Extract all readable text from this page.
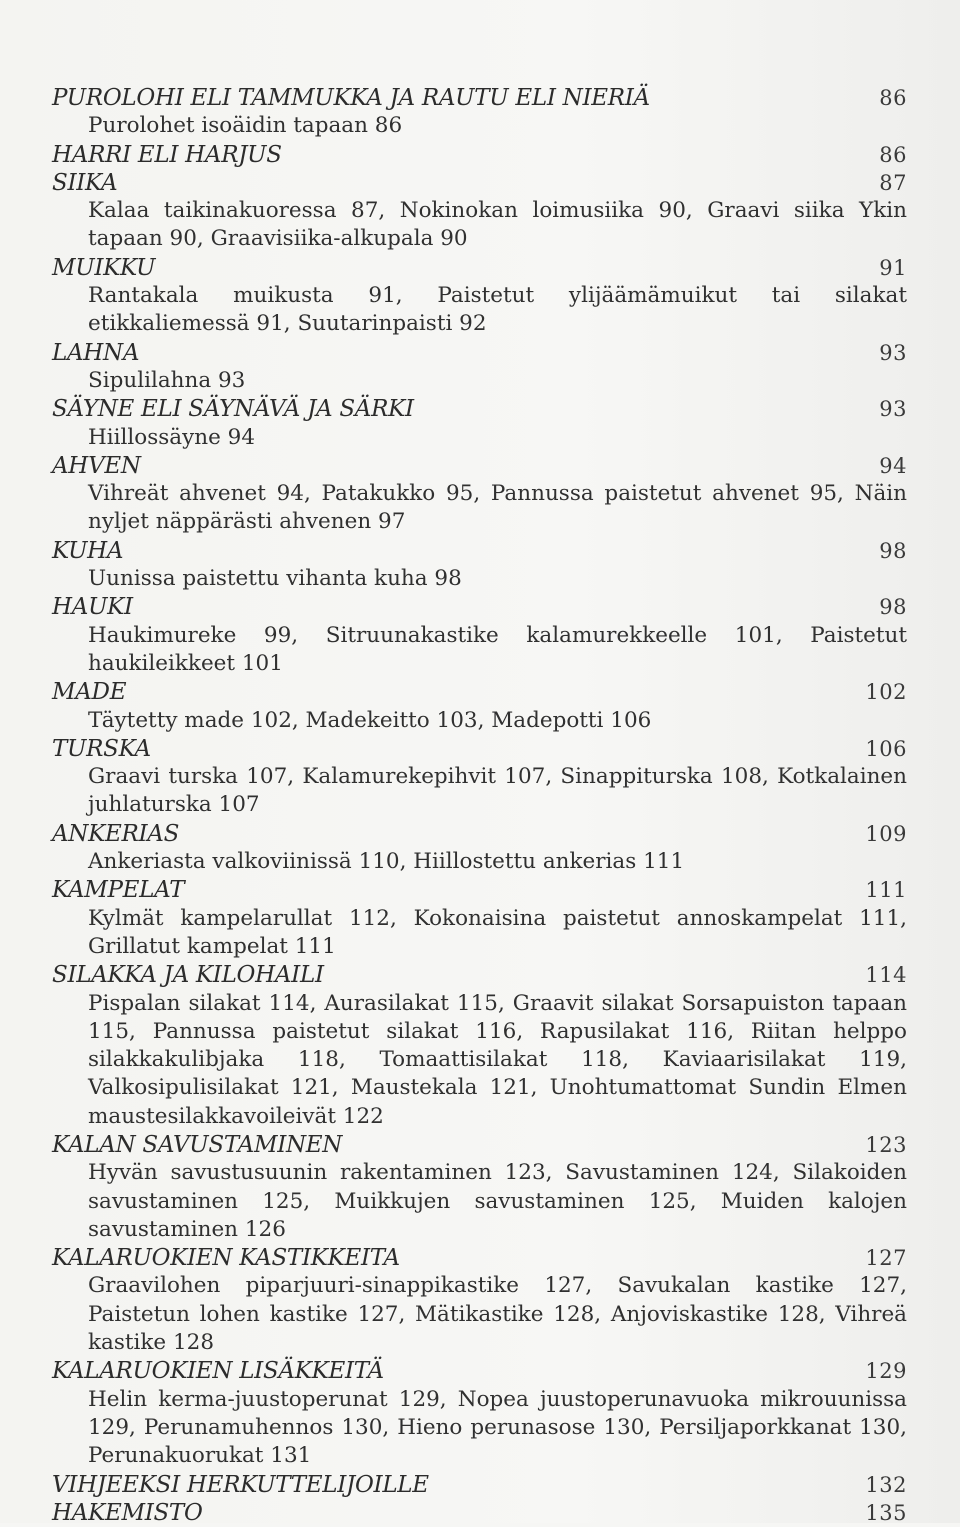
PUROLOHI ELI TAMMUKKA JA RAUTU ELI NIERIÄ	86
Purolohet isoäidin tapaan 86
HARRI ELI HARJUS	86
SIIKA	87
Kalaa taikinakuoressa 87, Nokinokan loimusiika 90, Graavi siika Ykin tapaan 90, Graavisiika-alkupala 90
MUIKKU	91
Rantakala muikusta 91, Paistetut ylijäämämuikut tai silakat etikkaliemessä 91, Suutarinpaisti 92
LAHNA	93
Sipulilahna 93
SÄYNE ELI SÄYNÄVÄ JA SÄRKI	93
Hiillossäyne 94
AHVEN	94
Vihreät ahvenet 94, Patakukko 95, Pannussa paistetut ahvenet 95, Näin nyljet näppärästi ahvenen 97
KUHA	98
Uunissa paistettu vihanta kuha 98
HAUKI	98
Haukimureke 99, Sitruunakastike kalamurekkeelle 101, Paistetut haukileikkeet 101
MADE	102
Täytetty made 102, Madekeitto 103, Madepotti 106
TURSKA	106
Graavi turska 107, Kalamurekepihvit 107, Sinappiturska 108, Kotkalainen juhlaturska 107
ANKERIAS	109
Ankeriasta valkoviinissä 110, Hiillostettu ankerias 111
KAMPELAT	111
Kylmät kampelarullat 112, Kokonaisina paistetut annoskampelat 111, Grillatut kampelat 111
SILAKKA JA KILOHAILI	114
Pispalan silakat 114, Aurasilakat 115, Graavit silakat Sorsapuiston tapaan 115, Pannussa paistetut silakat 116, Rapusilakat 116, Riitan helppo silakkakulibjaka 118, Tomaattisilakat 118, Kaviaarisilakat 119, Valkosipulisilakat 121, Maustekala 121, Unohtumattomat Sundin Elmen maustesilakkavoileivät 122
KALAN SAVUSTAMINEN	123
Hyvän savustusuunin rakentaminen 123, Savustaminen 124, Silakoiden savustaminen 125, Muikkujen savustaminen 125, Muiden kalojen savustaminen 126
KALARUOKIEN KASTIKKEITA	127
Graavilohen piparjuuri-sinappikastike 127, Savukalan kastike 127, Paistetun lohen kastike 127, Mätikastike 128, Anjoviskastike 128, Vihreä kastike 128
KALARUOKIEN LISÄKKEITÄ	129
Helin kerma-juustoperunat 129, Nopea juustoperunavuoka mikrouunissa 129, Perunamuhennos 130, Hieno perunasose 130, Persiljaporkkanat 130, Perunakuorukat 131
VIHJEEKSI HERKUTTELIJOILLE	132
HAKEMISTO	135
